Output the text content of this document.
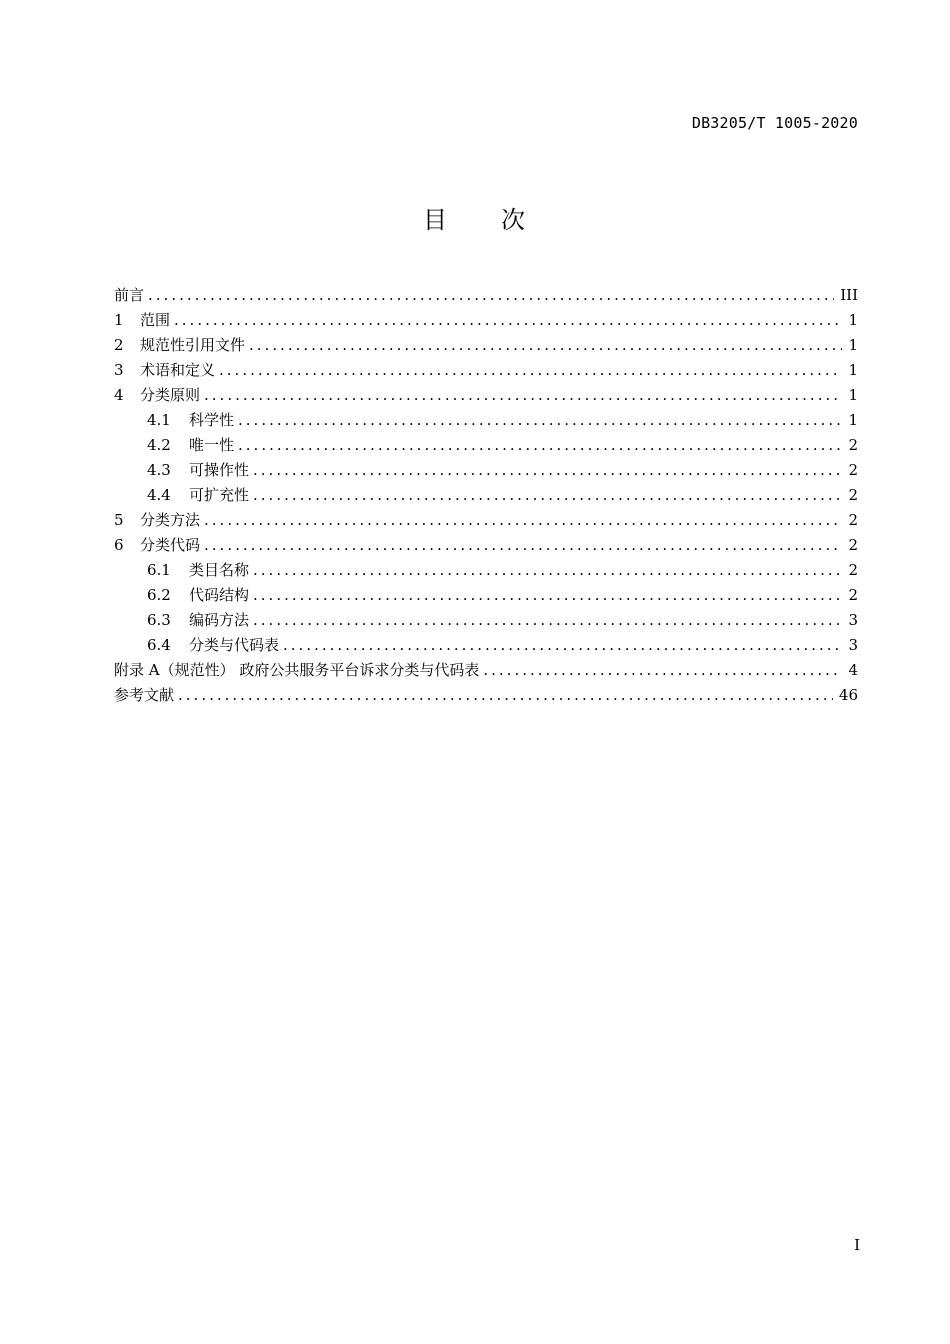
DB3205/T 1005-2020
目 次
前言 .....	III
1	范围 .....	1
2	规范性引用文件 .....	1
3	术语和定义 .....	1
4	分类原则 .....	1
4.1	科学性 .....	1
4.2	唯一性 .....	2
4.3	可操作性 .....	2
4.4	可扩充性 .....	2
5	分类方法 .....	2
6	分类代码 .....	2
6.1	类目名称 .....	2
6.2	代码结构 .....	2
6.3	编码方法 .....	3
6.4	分类与代码表 .....	3
附录 A（规范性） 政府公共服务平台诉求分类与代码表 .....	4
参考文献 .....	46
I
